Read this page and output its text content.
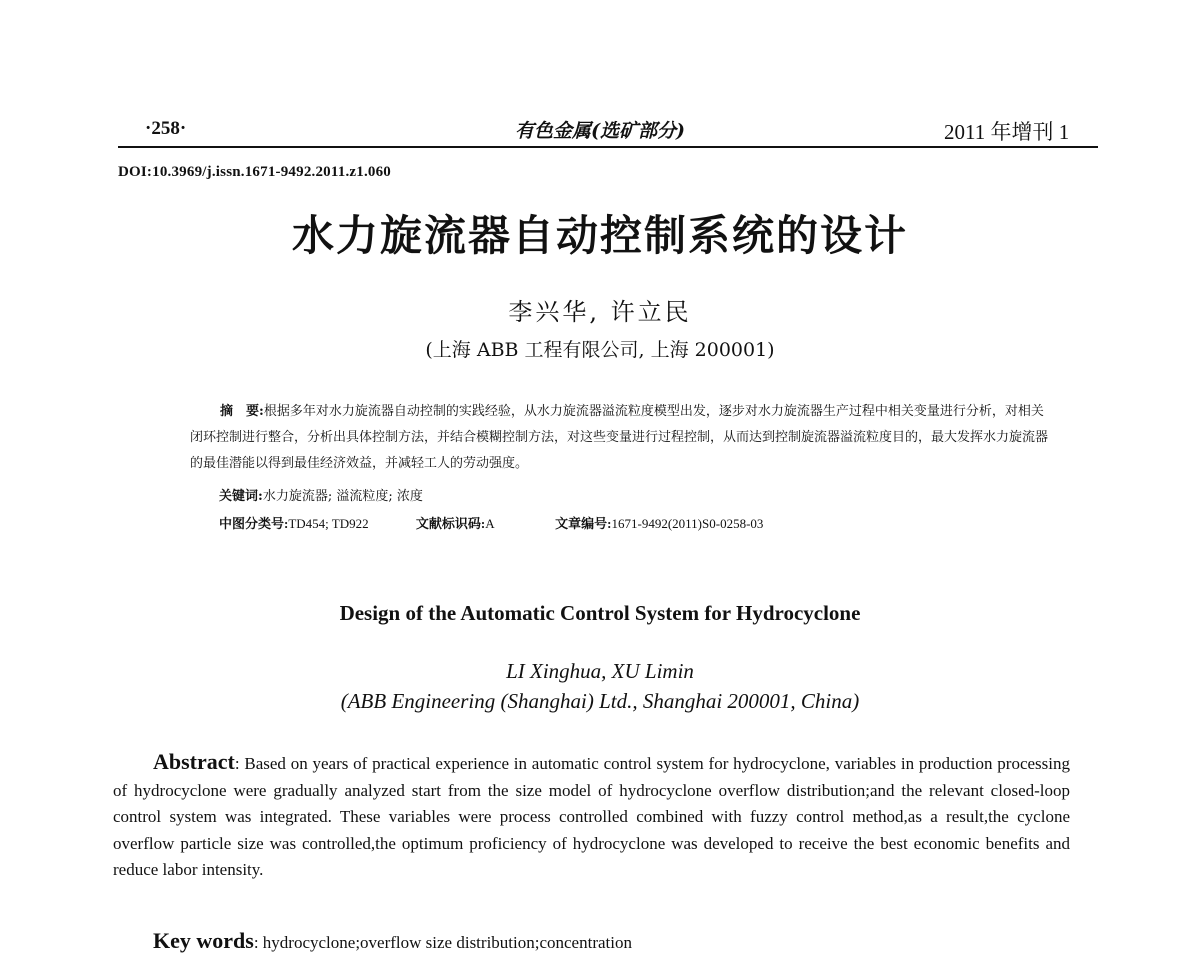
·258·	有色金属(选矿部分)	2011 年增刊 1
DOI:10.3969/j.issn.1671-9492.2011.z1.060
水力旋流器自动控制系统的设计
李兴华, 许立民
(上海 ABB 工程有限公司, 上海 200001)
摘　要:根据多年对水力旋流器自动控制的实践经验，从水力旋流器溢流粒度模型出发，逐步对水力旋流器生产过程中相关变量进行分析，对相关闭环控制进行整合，分析出具体控制方法，并结合模糊控制方法，对这些变量进行过程控制，从而达到控制旋流器溢流粒度目的，最大发挥水力旋流器的最佳潜能以得到最佳经济效益，并减轻工人的劳动强度。
关键词:水力旋流器; 溢流粒度; 浓度
中图分类号:TD454; TD922	文献标识码:A	文章编号:1671-9492(2011)S0-0258-03
Design of the Automatic Control System for Hydrocyclone
LI Xinghua, XU Limin
(ABB Engineering (Shanghai) Ltd., Shanghai 200001, China)
Abstract: Based on years of practical experience in automatic control system for hydrocyclone, variables in production processing of hydrocyclone were gradually analyzed start from the size model of hydrocyclone overflow distribution;and the relevant closed-loop control system was integrated. These variables were process controlled combined with fuzzy control method,as a result,the cyclone overflow particle size was controlled,the optimum proficiency of hydrocyclone was developed to receive the best economic benefits and reduce labor intensity.
Key words: hydrocyclone;overflow size distribution;concentration
